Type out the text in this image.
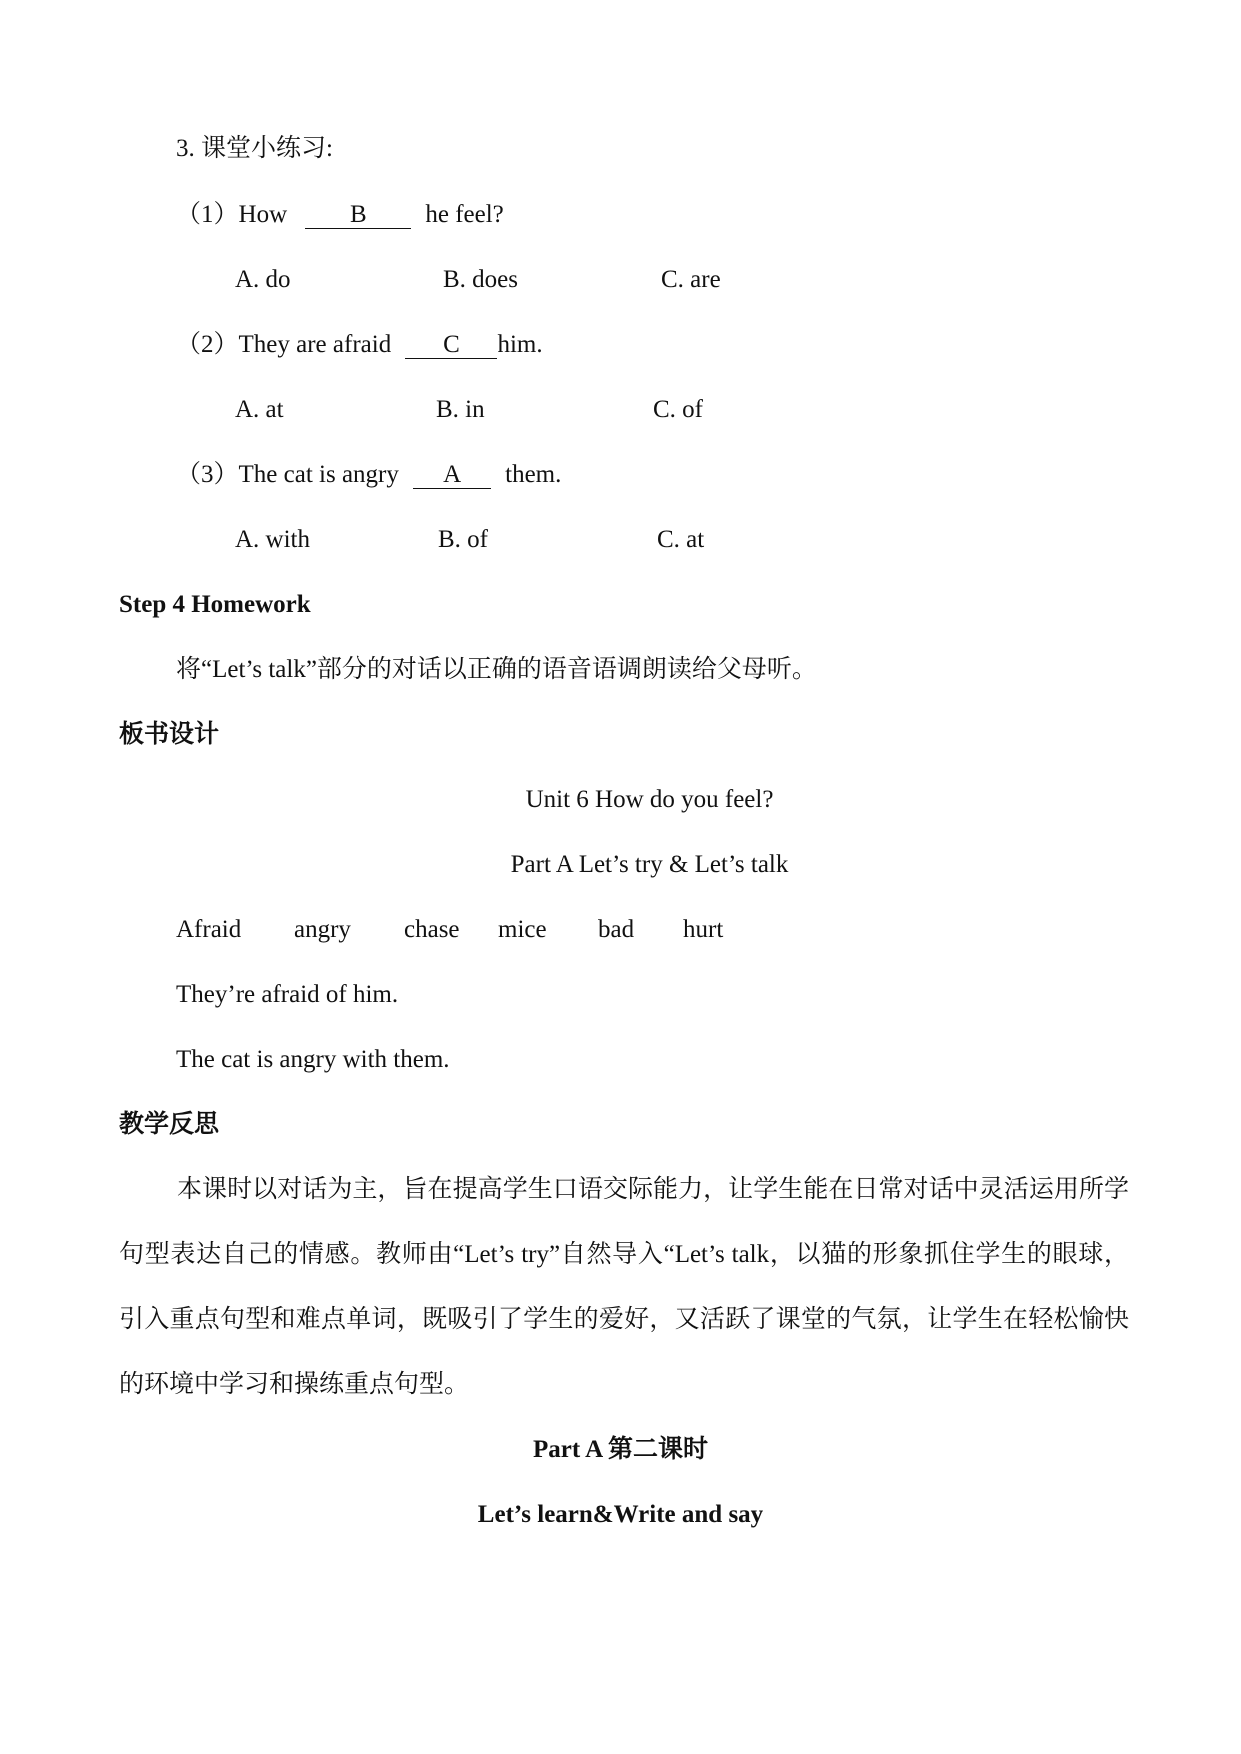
3. 课堂小练习:
（1）How	B he feel?
A. do	B. does	C. are
（2）They are afraid C him.
A. at	B. in	C. of
（3）The cat is angry A them.
A. with	B. of	C. at
Step 4 Homework
将“Let’s talk”部分的对话以正确的语音语调朗读给父母听。
板书设计
Unit 6 How do you feel?
Part A Let’s try & Let’s talk
Afraid angry chase mice bad hurt
They’re afraid of him.
The cat is angry with them.
教学反思
本课时以对话为主，旨在提高学生口语交际能力，让学生能在日常对话中灵活运用所学句型表达自己的情感。教师由“Let’s try”自然导入“Let’s talk，以猫的形象抓住学生的眼球，引入重点句型和难点单词，既吸引了学生的爱好，又活跃了课堂的气氛，让学生在轻松愉快的环境中学习和操练重点句型。
Part A 第二课时
Let’s learn&Write and say
